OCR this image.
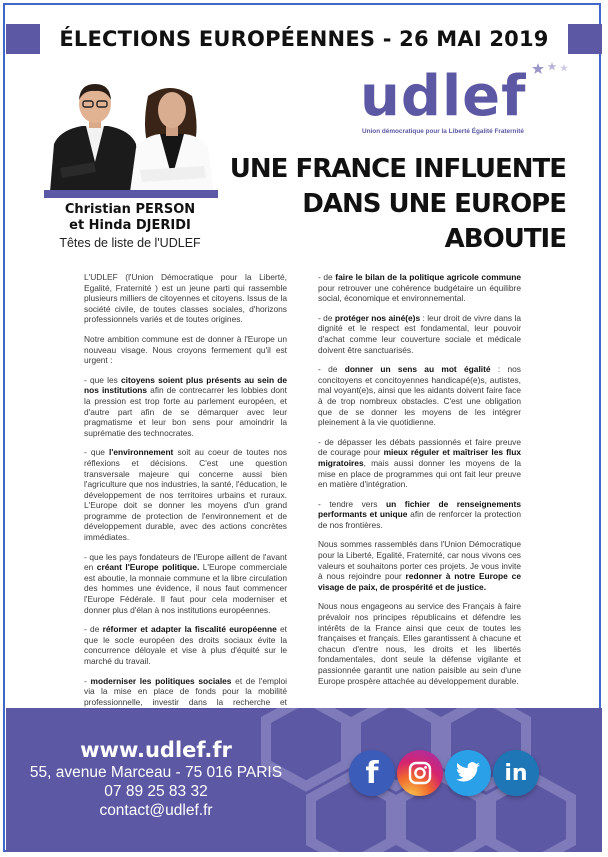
ÉLECTIONS EUROPÉENNES - 26 MAI 2019
Christian PERSON
et Hinda DJERIDI
Têtes de liste de l'UDLEF
udlef
Union démocratique pour la Liberté Égalité Fraternité
UNE FRANCE INFLUENTE
DANS UNE EUROPE
ABOUTIE

L'UDLEF (l'Union Démocratique pour la Liberté, Egalité, Fraternité ) est un jeune parti qui rassemble plusieurs milliers de citoyennes et citoyens. Issus de la société civile, de toutes classes sociales, d'horizons professionnels variés et de toutes origines.

Notre ambition commune est de donner à l'Europe un nouveau visage. Nous croyons fermement qu'il est urgent :

- que les citoyens soient plus présents au sein de nos institutions afin de contrecarrer les lobbies dont la pression est trop forte au parlement européen, et d'autre part afin de se démarquer avec leur pragmatisme et leur bon sens pour amoindrir la suprématie des technocrates.

- que l'environnement soit au coeur de toutes nos réflexions et décisions. C'est une question transversale majeure qui concerne aussi bien l'agriculture que nos industries, la santé, l'éducation, le développement de nos territoires urbains et ruraux. L'Europe doit se donner les moyens d'un grand programme de protection de l'environnement et de développement durable, avec des actions concrètes immédiates.

- que les pays fondateurs de l'Europe aillent de l'avant en créant l'Europe politique. L'Europe commerciale est aboutie, la monnaie commune et la libre circulation des hommes une évidence, il nous faut commencer l'Europe Fédérale. Il faut pour cela moderniser et donner plus d'élan à nos institutions européennes.

- de réformer et adapter la fiscalité européenne et que le socle européen des droits sociaux évite la concurrence déloyale et vise à plus d'équité sur le marché du travail.

- moderniser les politiques sociales et de l'emploi via la mise en place de fonds pour la mobilité professionnelle, investir dans la recherche et

- de faire le bilan de la politique agricole commune pour retrouver une cohérence budgétaire un équilibre social, économique et environnemental.

- de protéger nos ainé(e)s : leur droit de vivre dans la dignité et le respect est fondamental, leur pouvoir d'achat comme leur couverture sociale et médicale doivent être sanctuarisés.

- de donner un sens au mot égalité : nos concitoyens et concitoyennes handicapé(e)s, autistes, mal voyant(e)s, ainsi que les aidants doivent faire face à de trop nombreux obstacles. C'est une obligation que de se donner les moyens de les intégrer pleinement à la vie quotidienne.

- de dépasser les débats passionnés et faire preuve de courage pour mieux réguler et maîtriser les flux migratoires, mais aussi donner les moyens de la mise en place de programmes qui ont fait leur preuve en matière d'intégration.

- tendre vers un fichier de renseignements performants et unique afin de renforcer la protection de nos frontières.

Nous sommes rassemblés dans l'Union Démocratique pour la Liberté, Egalité, Fraternité, car nous vivons ces valeurs et souhaitons porter ces projets. Je vous invite à nous rejoindre pour redonner à notre Europe ce visage de paix, de prospérité et de justice.

Nous nous engageons au service des Français à faire prévaloir nos principes républicains et défendre les intérêts de la France ainsi que ceux de toutes les françaises et français. Elles garantissent à chacune et chacun d'entre nous, les droits et les libertés fondamentales, dont seule la défense vigilante et passionnée garantit une nation paisible au sein d'une Europe prospère attachée au développement durable.

www.udlef.fr
55, avenue Marceau - 75 016 PARIS
07 89 25 83 32
contact@udlef.fr
f	in
